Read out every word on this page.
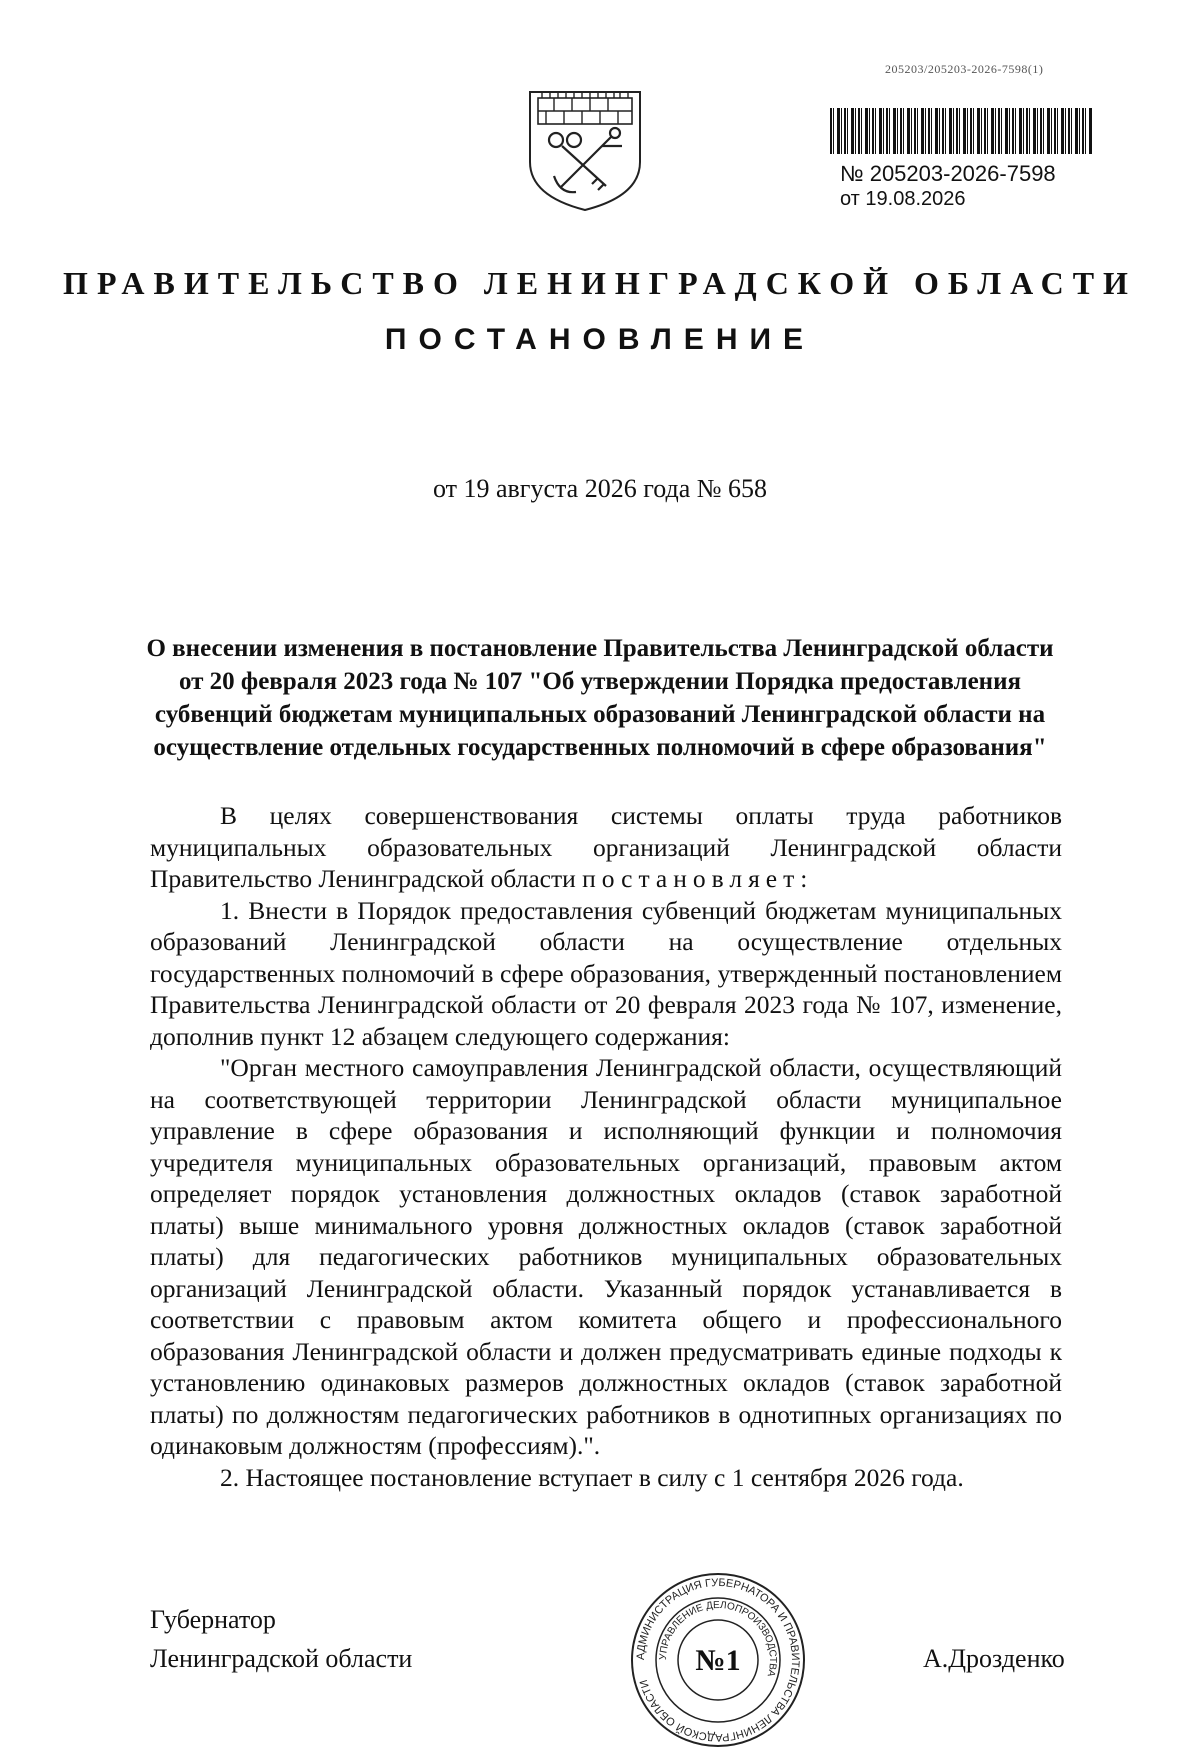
205203/205203-2026-7598(1)
№ 205203-2026-7598
от 19.08.2026
ПРАВИТЕЛЬСТВО ЛЕНИНГРАДСКОЙ ОБЛАСТИ
ПОСТАНОВЛЕНИЕ
от 19 августа 2026 года № 658
О внесении изменения в постановление Правительства Ленинградской области от 20 февраля 2023 года № 107 "Об утверждении Порядка предоставления субвенций бюджетам муниципальных образований Ленинградской области на осуществление отдельных государственных полномочий в сфере образования"

В целях совершенствования системы оплаты труда работников муниципальных образовательных организаций Ленинградской области Правительство Ленинградской области постановляет:

1. Внести в Порядок предоставления субвенций бюджетам муниципальных образований Ленинградской области на осуществление отдельных государственных полномочий в сфере образования, утвержденный постановлением Правительства Ленинградской области от 20 февраля 2023 года № 107, изменение, дополнив пункт 12 абзацем следующего содержания:

"Орган местного самоуправления Ленинградской области, осуществляющий на соответствующей территории Ленинградской области муниципальное управление в сфере образования и исполняющий функции и полномочия учредителя муниципальных образовательных организаций, правовым актом определяет порядок установления должностных окладов (ставок заработной платы) выше минимального уровня должностных окладов (ставок заработной платы) для педагогических работников муниципальных образовательных организаций Ленинградской области. Указанный порядок устанавливается в соответствии с правовым актом комитета общего и профессионального образования Ленинградской области и должен предусматривать единые подходы к установлению одинаковых размеров должностных окладов (ставок заработной платы) по должностям педагогических работников в однотипных организациях по одинаковым должностям (профессиям).".

2. Настоящее постановление вступает в силу с 1 сентября 2026 года.

Губернатор
Ленинградской области	А.Дрозденко
АДМИНИСТРАЦИЯ ГУБЕРНАТОРА И ПРАВИТЕЛЬСТВА ЛЕНИНГРАДСКОЙ ОБЛАСТИ
УПРАВЛЕНИЕ ДЕЛОПРОИЗВОДСТВА
№1
